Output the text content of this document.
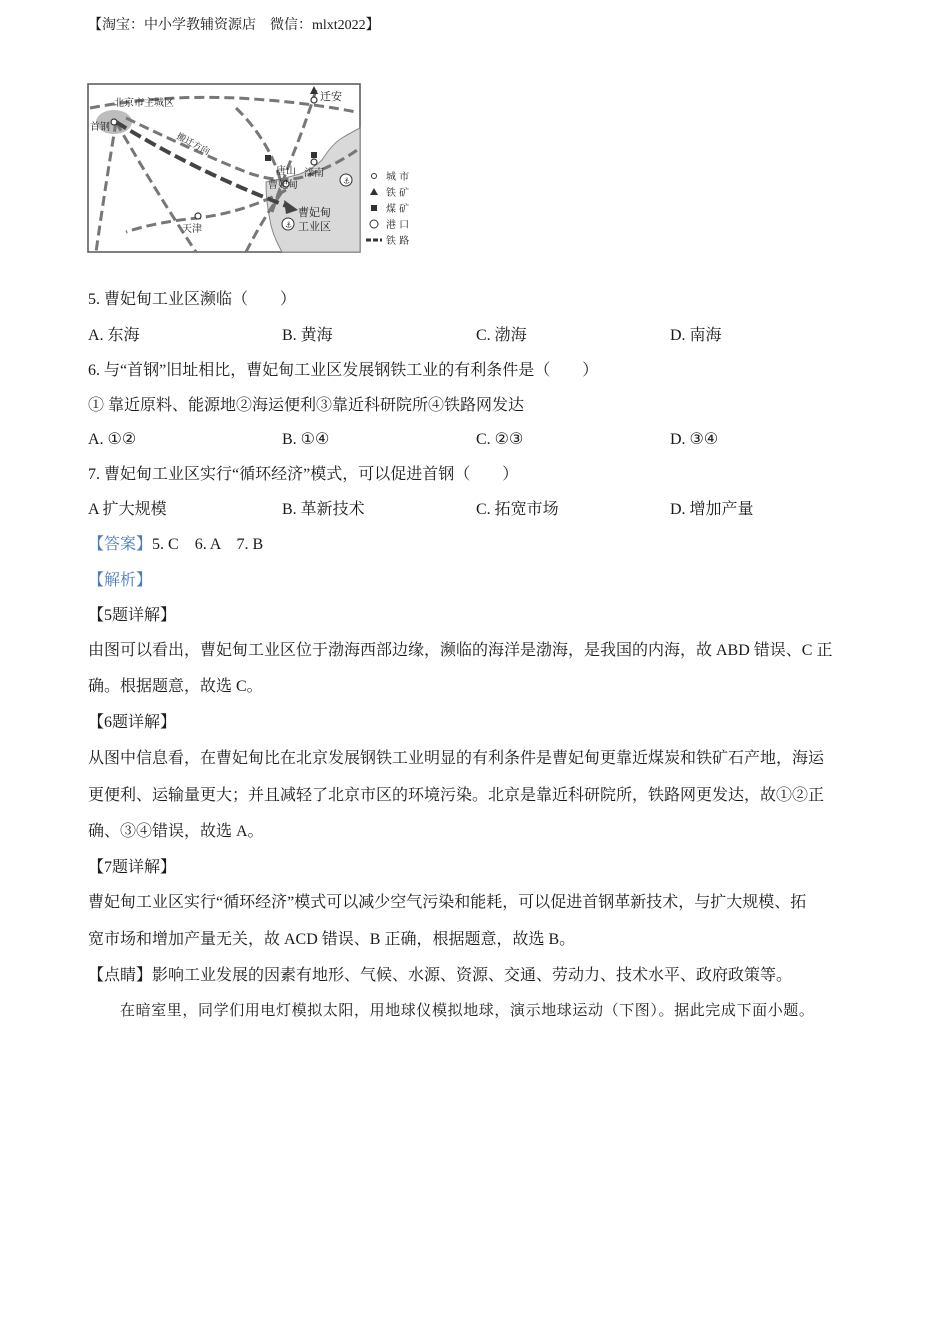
【淘宝：中小学教辅资源店 微信：mlxt2022】
⚓
⚓
北京市主城区
首钢
迁安
唐山 滦南
曹妃甸
曹妃甸
工业区
天津
搬迁方向
城 市
铁 矿
煤 矿
港 口
铁 路
5. 曹妃甸工业区濒临（　　）
A. 东海	B. 黄海	C. 渤海	D. 南海
6. 与“首钢”旧址相比，曹妃甸工业区发展钢铁工业的有利条件是（　　）
① 靠近原料、能源地②海运便利③靠近科研院所④铁路网发达
A. ①②	B. ①④	C. ②③	D. ③④
7. 曹妃甸工业区实行“循环经济”模式，可以促进首钢（　　）
A 扩大规模	B. 革新技术	C. 拓宽市场	D. 增加产量
【答案】5. C　6. A　7. B
【解析】
【5题详解】
由图可以看出，曹妃甸工业区位于渤海西部边缘，濒临的海洋是渤海，是我国的内海，故 ABD 错误、C 正
确。根据题意，故选 C。
【6题详解】
从图中信息看，在曹妃甸比在北京发展钢铁工业明显的有利条件是曹妃甸更靠近煤炭和铁矿石产地，海运
更便利、运输量更大；并且减轻了北京市区的环境污染。北京是靠近科研院所，铁路网更发达，故①②正
确、③④错误，故选 A。
【7题详解】
曹妃甸工业区实行“循环经济”模式可以减少空气污染和能耗，可以促进首钢革新技术，与扩大规模、拓
宽市场和增加产量无关，故 ACD 错误、B 正确，根据题意，故选 B。
【点睛】影响工业发展的因素有地形、气候、水源、资源、交通、劳动力、技术水平、政府政策等。
在暗室里，同学们用电灯模拟太阳，用地球仪模拟地球，演示地球运动（下图）。据此完成下面小题。
